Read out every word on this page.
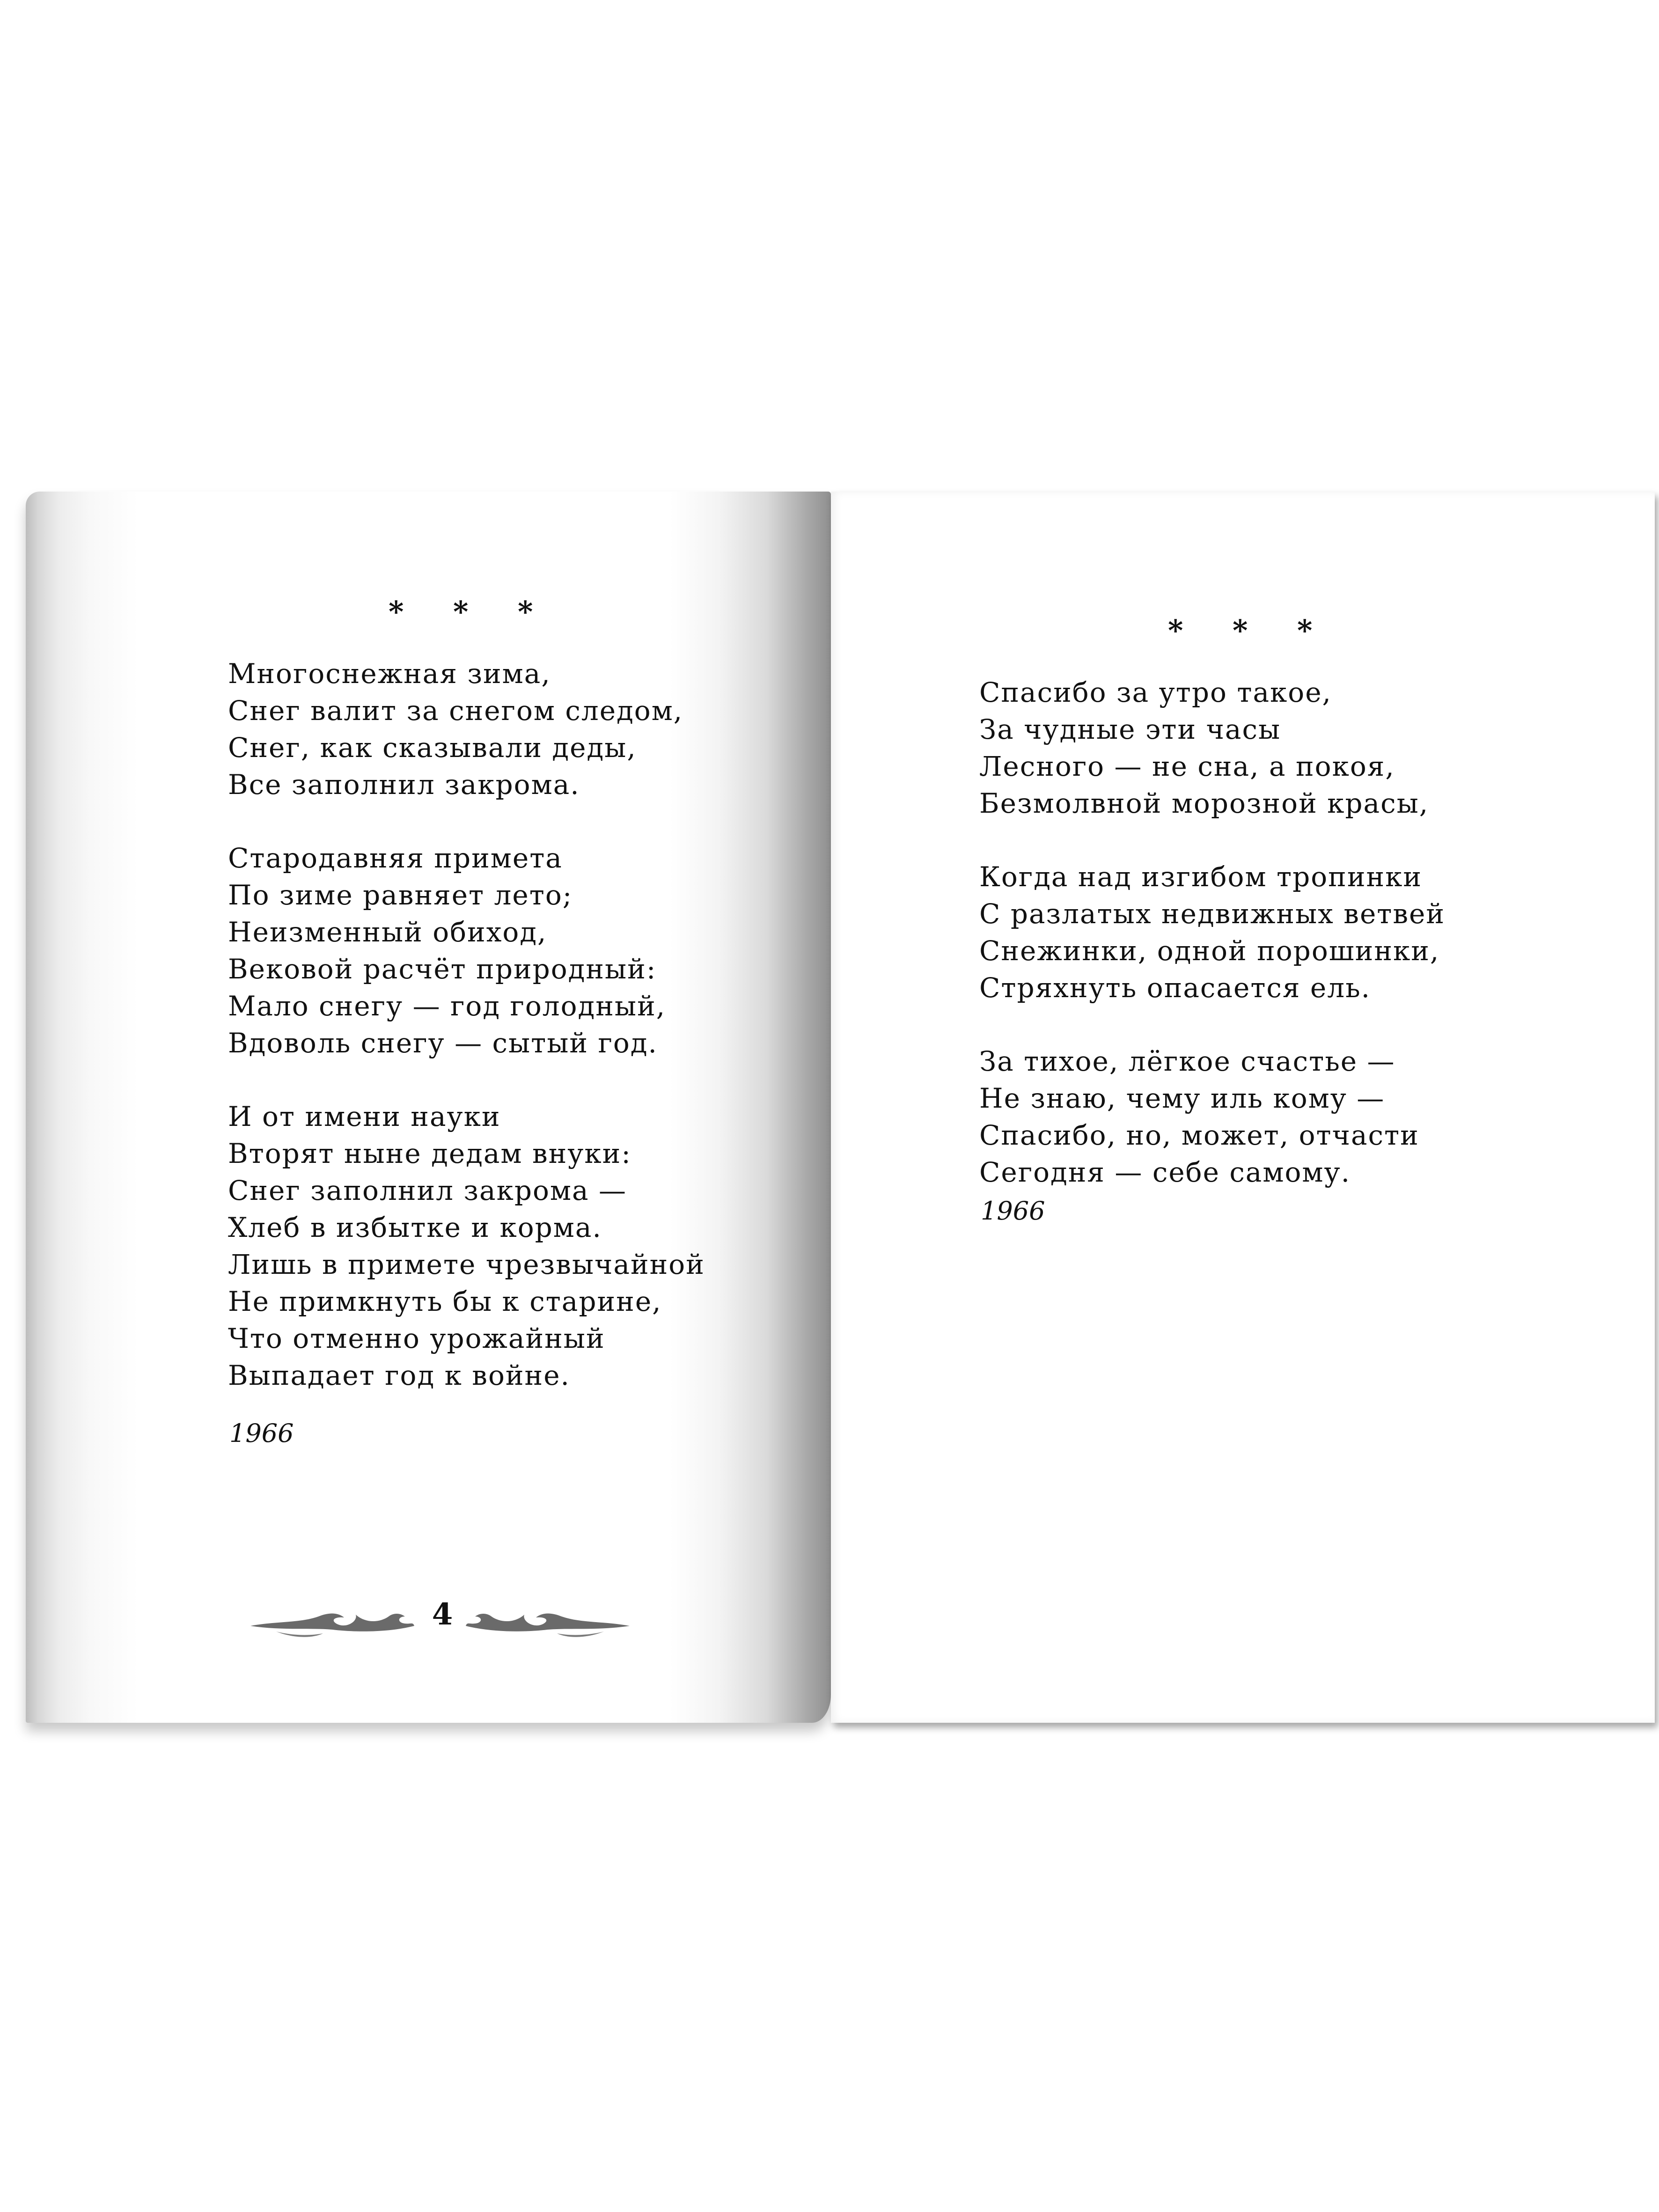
* * *
Многоснежная зима,
Снег валит за снегом следом,
Снег, как сказывали деды,
Все заполнил закрома.
Стародавняя примета
По зиме равняет лето;
Неизменный обиход,
Вековой расчёт природный:
Мало снегу — год голодный,
Вдоволь снегу — сытый год.
И от имени науки
Вторят ныне дедам внуки:
Снег заполнил закрома —
Хлеб в избытке и корма.
Лишь в примете чрезвычайной
Не примкнуть бы к старине,
Что отменно урожайный
Выпадает год к войне.
1966
4
* * *
Спасибо за утро такое,
За чудные эти часы
Лесного — не сна, а покоя,
Безмолвной морозной красы,
Когда над изгибом тропинки
С разлатых недвижных ветвей
Снежинки, одной порошинки,
Стряхнуть опасается ель.
За тихое, лёгкое счастье —
Не знаю, чему иль кому —
Спасибо, но, может, отчасти
Сегодня — себе самому.
1966
